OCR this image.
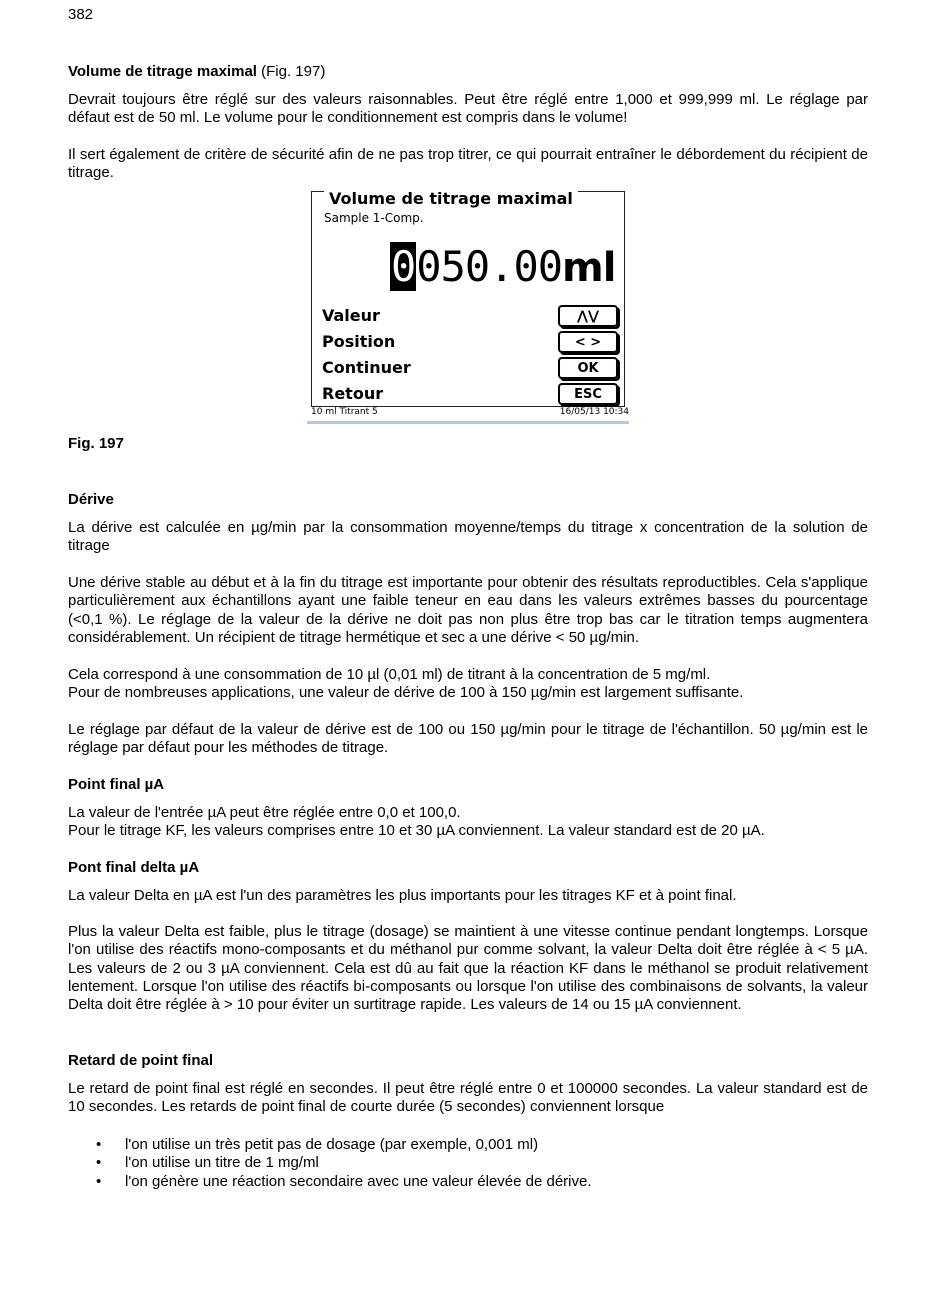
382
Volume de titrage maximal (Fig. 197)

Devrait toujours être réglé sur des valeurs raisonnables. Peut être réglé entre 1,000 et 999,999 ml. Le réglage par défaut est de 50 ml. Le volume pour le conditionnement est compris dans le volume!

Il sert également de critère de sécurité afin de ne pas trop titrer, ce qui pourrait entraîner le débordement du récipient de titrage.

Fig. 197
Dérive

La dérive est calculée en µg/min par la consommation moyenne/temps du titrage x concentration de la solution de titrage

Une dérive stable au début et à la fin du titrage est importante pour obtenir des résultats reproductibles. Cela s'applique particulièrement aux échantillons ayant une faible teneur en eau dans les valeurs extrêmes basses du pourcentage (<0,1 %). Le réglage de la valeur de la dérive ne doit pas non plus être trop bas car le titration temps augmentera considérablement. Un récipient de titrage hermétique et sec a une dérive < 50 µg/min.

Cela correspond à une consommation de 10 µl (0,01 ml) de titrant à la concentration de 5 mg/ml.

Pour de nombreuses applications, une valeur de dérive de 100 à 150 µg/min est largement suffisante.

Le réglage par défaut de la valeur de dérive est de 100 ou 150 µg/min pour le titrage de l'échantillon. 50 µg/min est le réglage par défaut pour les méthodes de titrage.

Point final µA

La valeur de l'entrée µA peut être réglée entre 0,0 et 100,0.

Pour le titrage KF, les valeurs comprises entre 10 et 30 µA conviennent. La valeur standard est de 20 µA.

Pont final delta µA

La valeur Delta en µA est l'un des paramètres les plus importants pour les titrages KF et à point final.

Plus la valeur Delta est faible, plus le titrage (dosage) se maintient à une vitesse continue pendant longtemps. Lorsque l'on utilise des réactifs mono-composants et du méthanol pur comme solvant, la valeur Delta doit être réglée à < 5 µA. Les valeurs de 2 ou 3 µA conviennent. Cela est dû au fait que la réaction KF dans le méthanol se produit relativement lentement. Lorsque l'on utilise des réactifs bi-composants ou lorsque l'on utilise des combinaisons de solvants, la valeur Delta doit être réglée à > 10 pour éviter un surtitrage rapide. Les valeurs de 14 ou 15 µA conviennent.

Retard de point final

Le retard de point final est réglé en secondes. Il peut être réglé entre 0 et 100000 secondes. La valeur standard est de 10 secondes. Les retards de point final de courte durée (5 secondes) conviennent lorsque

• l'on utilise un très petit pas de dosage (par exemple, 0,001 ml)
• l'on utilise un titre de 1 mg/ml
• l'on génère une réaction secondaire avec une valeur élevée de dérive.
Volume de titrage maximal
Sample 1-Comp.
0050.00ml
Valeur	⋀⋁
Position	< >
Continuer	OK
Retour	ESC
10 ml Titrant 5	16/05/13 10:34
